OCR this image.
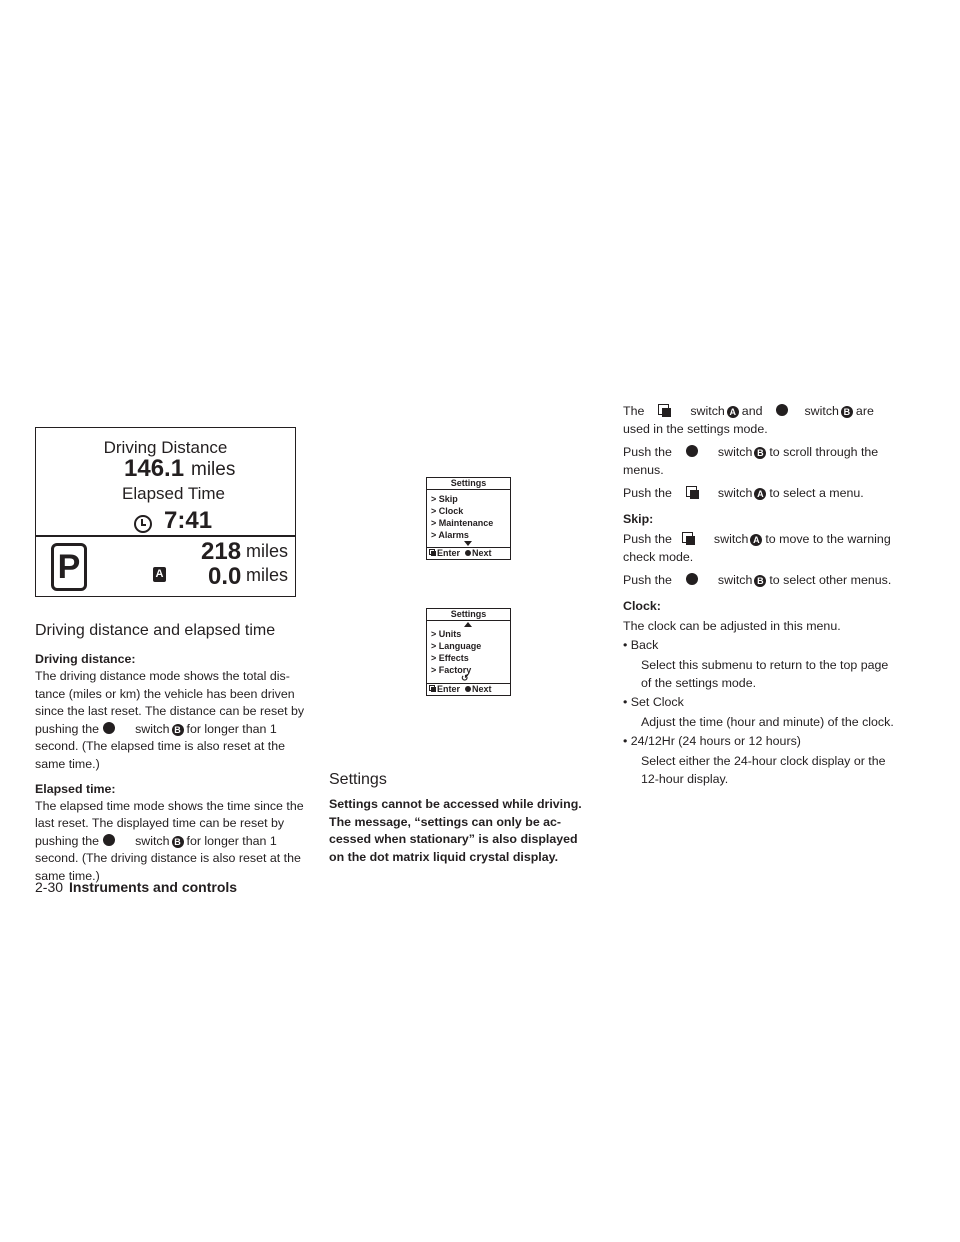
Driving Distance
146.1 miles
Elapsed Time
7:41
P	A
218 miles
0.0 miles
Driving distance and elapsed time
Driving distance:

The driving distance mode shows the total dis-

tance (miles or km) the vehicle has been driven

since the last reset. The distance can be reset by

pushing the	switch B for longer than 1

second. (The elapsed time is also reset at the

same time.)

Elapsed time:

The elapsed time mode shows the time since the

last reset. The displayed time can be reset by

pushing the	switch B for longer than 1

second. (The driving distance is also reset at the

same time.)

Settings
> Skip
> Clock
> Maintenance
> Alarms
Enter Next
Settings
> Units
> Language
> Effects
> Factory
↺
Enter Next
Settings

Settings cannot be accessed while driving.

The message, “settings can only be ac-

cessed when stationary” is also displayed

on the dot matrix liquid crystal display.

The	switch A and	switch B are

used in the settings mode.

Push the	switch B to scroll through the

menus.

Push the	switch A to select a menu.

Skip:

Push the	switch A to move to the warning

check mode.

Push the	switch B to select other menus.

Clock:

The clock can be adjusted in this menu.

• Back

Select this submenu to return to the top page

of the settings mode.

• Set Clock

Adjust the time (hour and minute) of the clock.

• 24/12Hr (24 hours or 12 hours)

Select either the 24-hour clock display or the

12-hour display.

2-30 Instruments and controls
